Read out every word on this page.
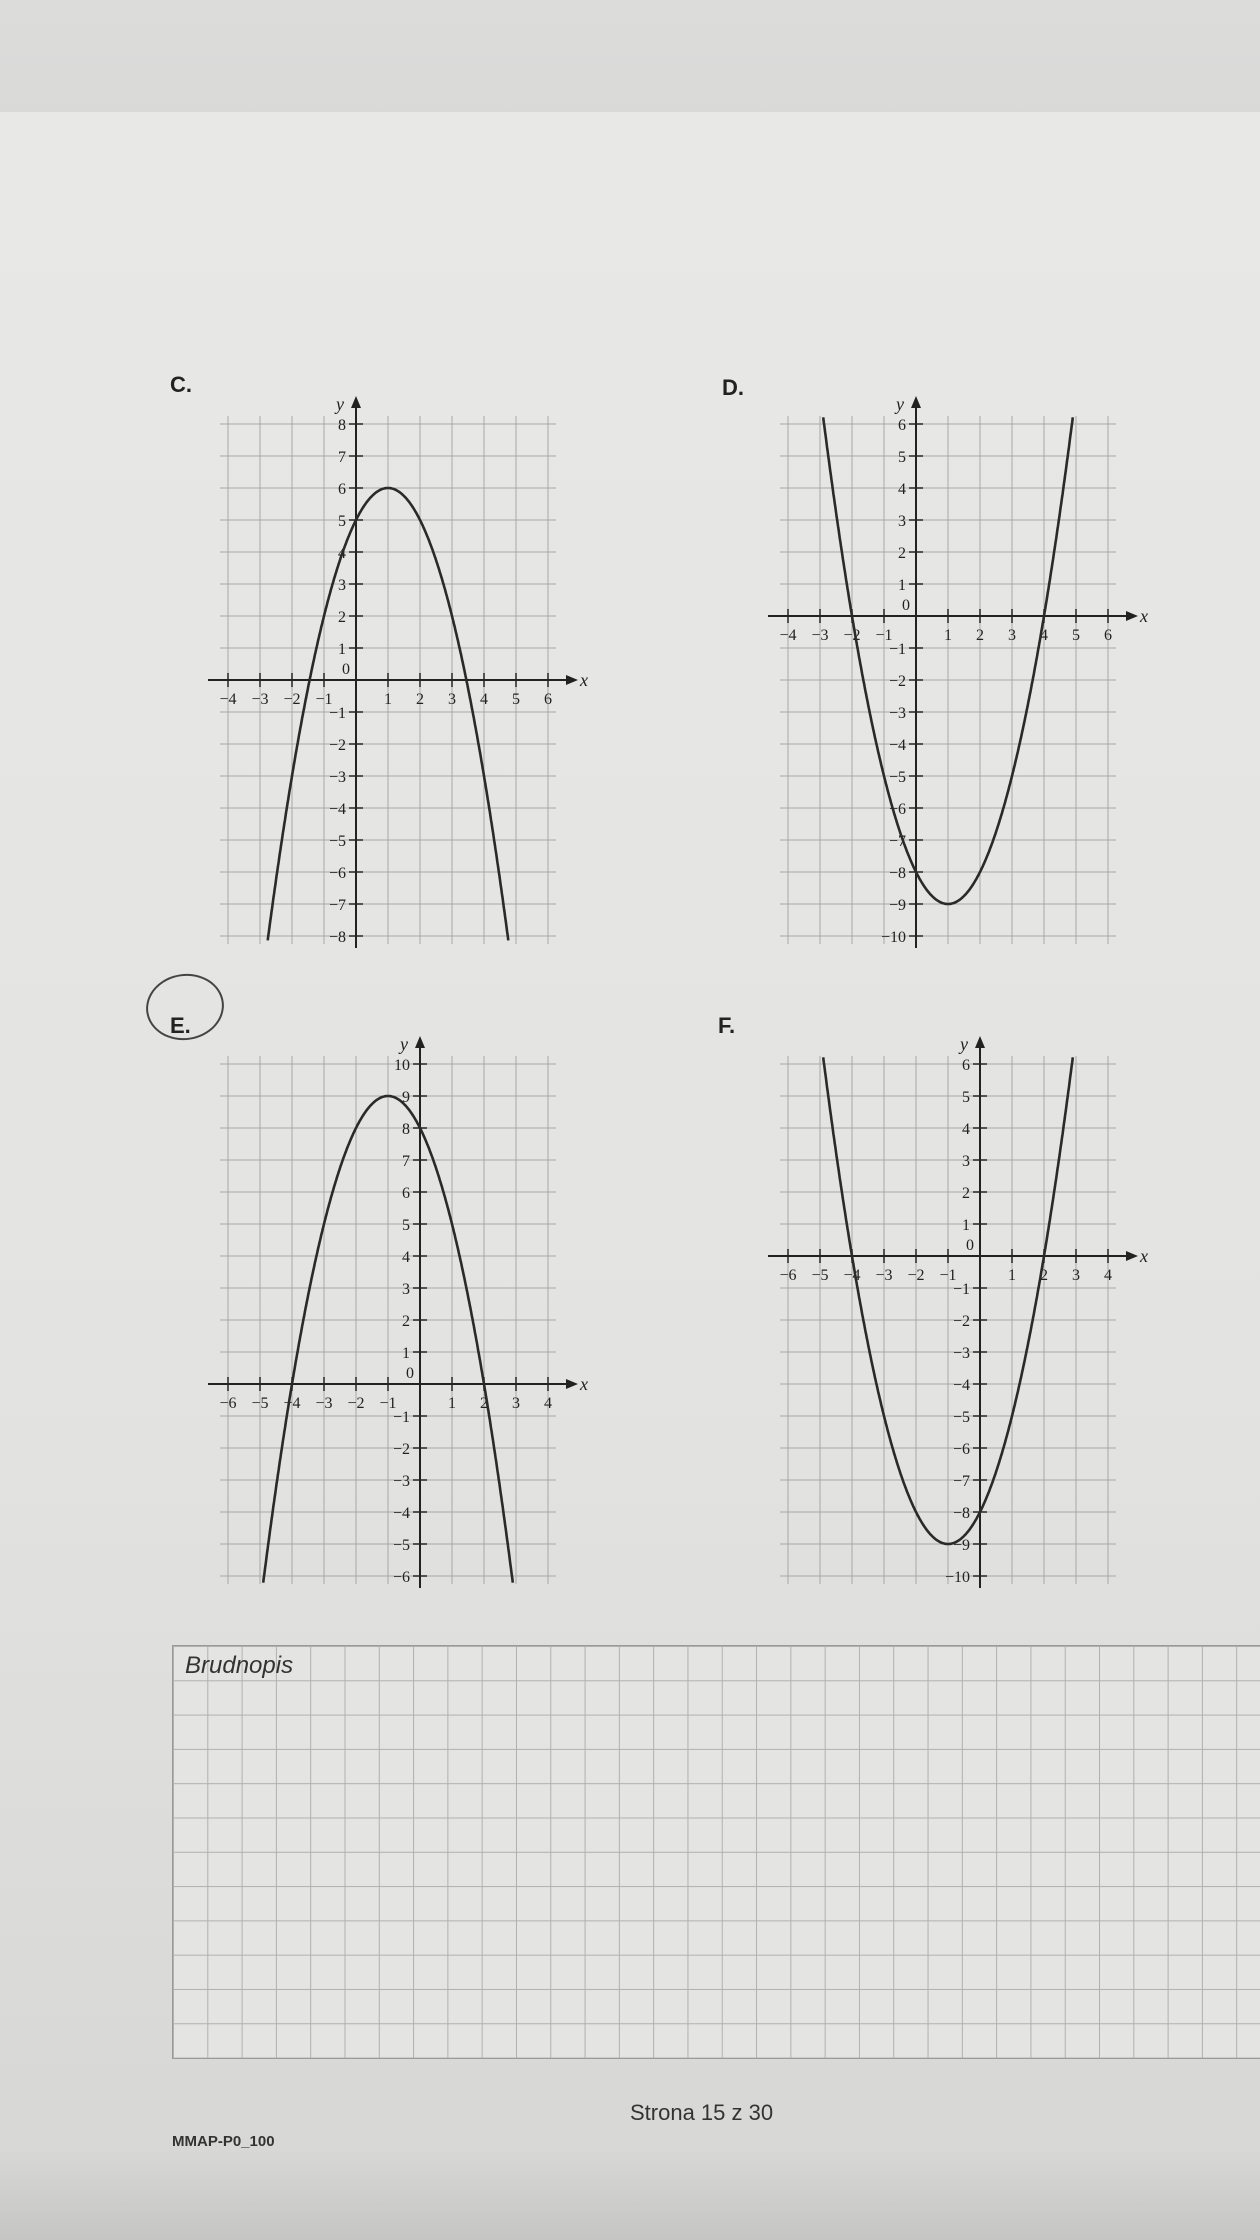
C.	D.
E.	F.
x
y
0
−4 −3 −2 −1	1 2 3 4 5 6
8
7
6
5
4
3
2
1
−1
−2
−3
−4
−5
−6
−7
−8
x
y
0
−4 −3 −2 −1	1 2 3 4 5 6
6
5
4
3
2
1
−1
−2
−3
−4
−5
−6
−7
−8
−9
−10
x
y
0
−6 −5 −4 −3 −2 −1	1 2 3 4
10
9
8
7
6
5
4
3
2
1
−1
−2
−3
−4
−5
−6
x
y
0
−6 −5 −4 −3 −2 −1	1 2 3 4
6
5
4
3
2
1
−1
−2
−3
−4
−5
−6
−7
−8
−9
−10
Brudnopis
Strona 15 z 30
MMAP-P0_100
